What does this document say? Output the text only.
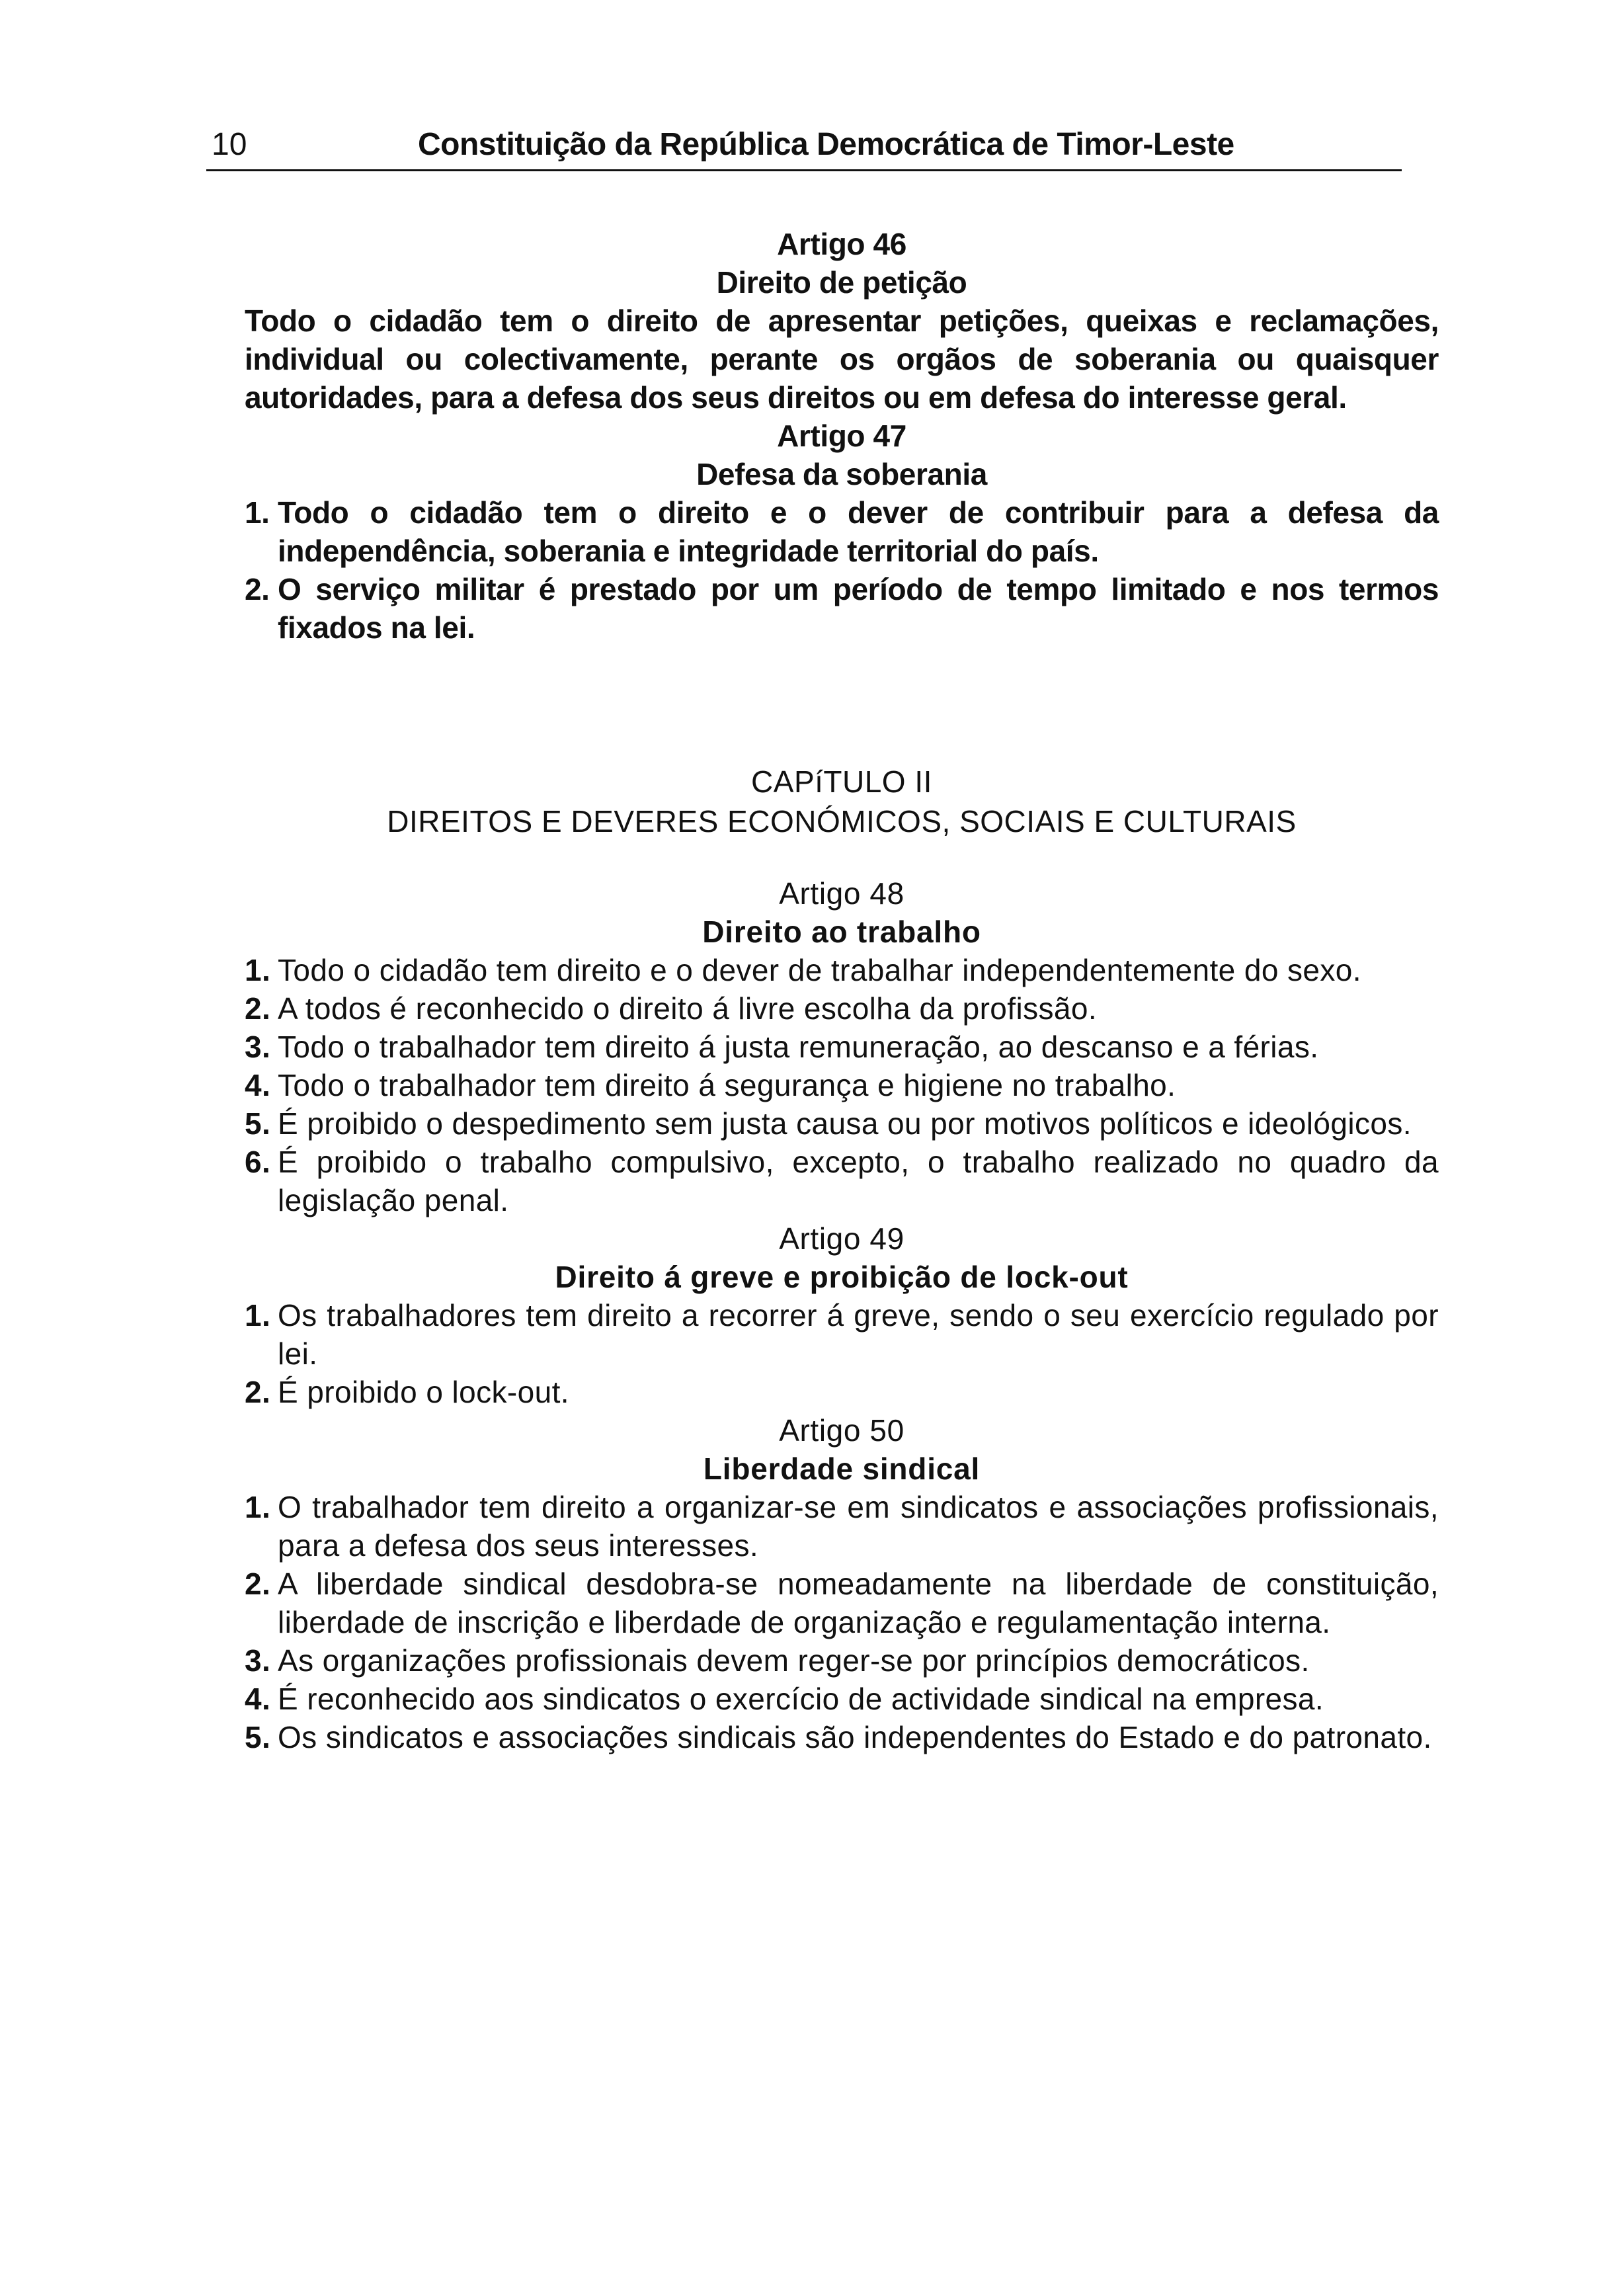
10	Constituição da República Democrática de Timor-Leste

Artigo 46

Direito de petição

Todo o cidadão tem o direito de apresentar petições, queixas e reclamações, individual ou colectivamente, perante os orgãos de soberania ou quaisquer autoridades, para a defesa dos seus direitos ou em defesa do interesse geral.

Artigo 47

Defesa da soberania

1. Todo o cidadão tem o direito e o dever de contribuir para a defesa da independência, soberania e integridade territorial do país.
2. O serviço militar é prestado por um período de tempo limitado e nos termos fixados na lei.
CAPíTULO II
DIREITOS E DEVERES ECONÓMICOS, SOCIAIS E CULTURAIS

Artigo 48

Direito ao trabalho

1. Todo o cidadão tem direito e o dever de trabalhar independentemente do sexo.
2. A todos é reconhecido o direito á livre escolha da profissão.
3. Todo o trabalhador tem direito á justa remuneração, ao descanso e a férias.
4. Todo o trabalhador tem direito á segurança e higiene no trabalho.
5. É proibido o despedimento sem justa causa ou por motivos políticos e ideológicos.
6. É proibido o trabalho compulsivo, excepto, o trabalho realizado no quadro da legislação penal.

Artigo 49

Direito á greve e proibição de lock-out

1. Os trabalhadores tem direito a recorrer á greve, sendo o seu exercício regulado por lei.
2. É proibido o lock-out.

Artigo 50

Liberdade sindical

1. O trabalhador tem direito a organizar-se em sindicatos e associações profissionais, para a defesa dos seus interesses.
2. A liberdade sindical desdobra-se nomeadamente na liberdade de constituição, liberdade de inscrição e liberdade de organização e regulamentação interna.
3. As organizações profissionais devem reger-se por princípios democráticos.
4. É reconhecido aos sindicatos o exercício de actividade sindical na empresa.
5. Os sindicatos e associações sindicais são independentes do Estado e do patronato.
